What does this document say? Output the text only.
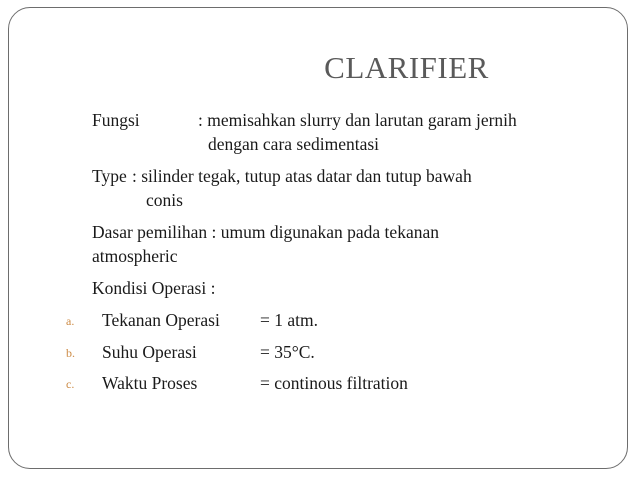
CLARIFIER
Fungsi	: memisahkan slurry dan larutan garam jernih
dengan cara sedimentasi
Type : silinder tegak, tutup atas datar dan tutup bawah
conis
Dasar pemilihan : umum digunakan pada tekanan
atmospheric
Kondisi Operasi :
a. Tekanan Operasi = 1 atm.
b. Suhu Operasi	= 35°C.
c. Waktu Proses	= continous filtration
